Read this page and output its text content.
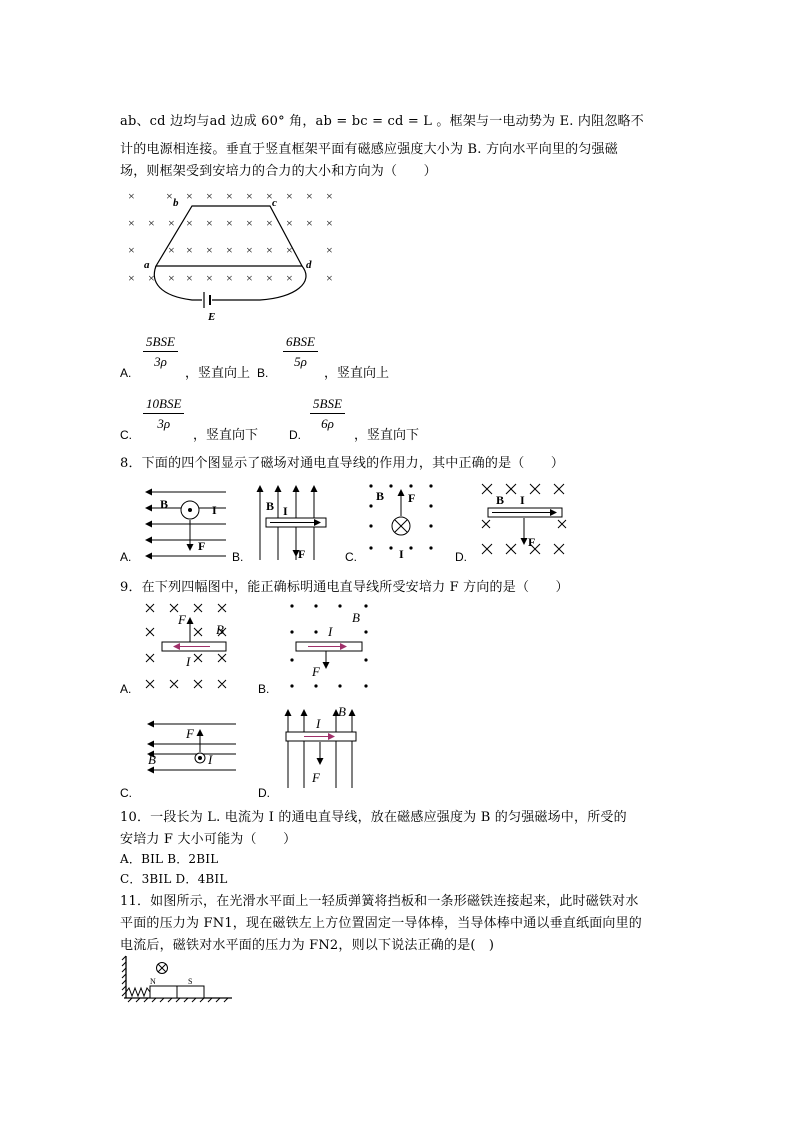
ab、cd 边均与ad 边成 60° 角，ab = bc = cd = L 。框架与一电动势为 E. 内阻忽略不
计的电源相连接。垂直于竖直框架平面有磁感应强度大小为 B. 方向水平向里的匀强磁
场，则框架受到安培力的合力的大小和方向为（　　）
×	× × × × × × × × ×
× × × × × × × × × × ×
×	× × × × × × ×	×
× × × × × × × × ×	×
b	c
a	d
E
A.
5BSE
3ρ
，竖直向上 B.
6BSE
5ρ
，竖直向上
C.
10BSE
3ρ
，竖直向下	D.
5BSE
6ρ
，竖直向下
8．下面的四个图显示了磁场对通电直导线的作用力，其中正确的是（　　）
B	I
F
B I
F
B F
I
B I
F
A.	B.	C.	D.
9．在下列四幅图中，能正确标明通电直导线所受安培力 F 方向的是（　　）
F
B
I
I
B
F
A.	B.
F
B	I
I
B
F
C.	D.
10．一段长为 L. 电流为 I 的通电直导线，放在磁感应强度为 B 的匀强磁场中，所受的
安培力 F 大小可能为（　　）
A．BIL B．2BIL
C．3BIL D．4BIL
11．如图所示，在光滑水平面上一轻质弹簧将挡板和一条形磁铁连接起来，此时磁铁对水
平面的压力为 FN1，现在磁铁左上方位置固定一导体棒，当导体棒中通以垂直纸面向里的
电流后，磁铁对水平面的压力为 FN2，则以下说法正确的是(　)
N	S
